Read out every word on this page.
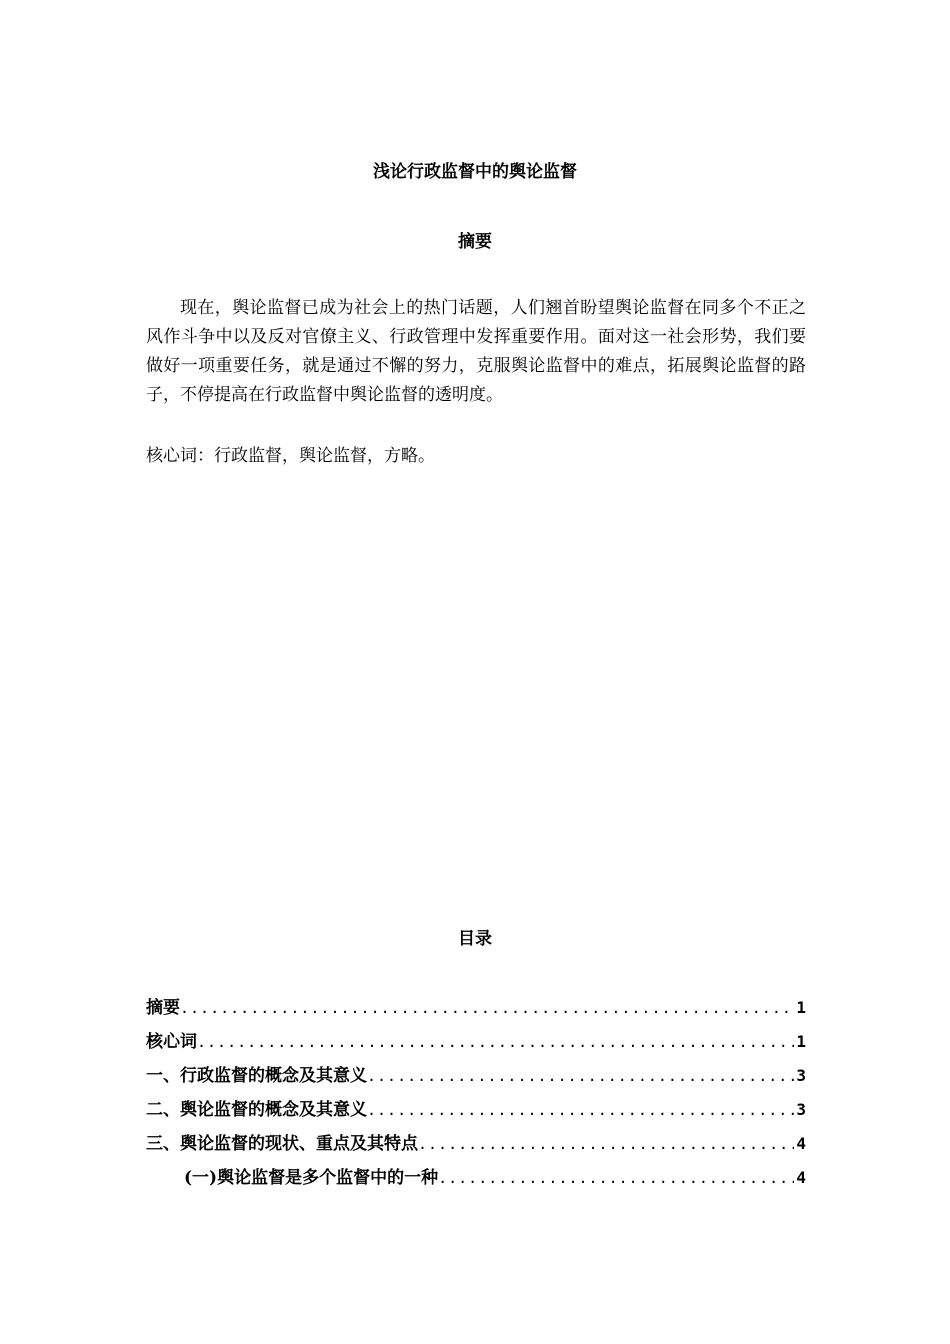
浅论行政监督中的舆论监督
摘要

现在，舆论监督已成为社会上的热门话题，人们翘首盼望舆论监督在同多个不正之风作斗争中以及反对官僚主义、行政管理中发挥重要作用。面对这一社会形势，我们要做好一项重要任务，就是通过不懈的努力，克服舆论监督中的难点，拓展舆论监督的路子，不停提高在行政监督中舆论监督的透明度。

核心词：行政监督，舆论监督，方略。
目录
摘要 .....	1
核心词 .....	1
一、行政监督的概念及其意义 .....	3
二、舆论监督的概念及其意义 .....	3
三、舆论监督的现状、重点及其特点 .....	4
(一)舆论监督是多个监督中的一种 .....	4
